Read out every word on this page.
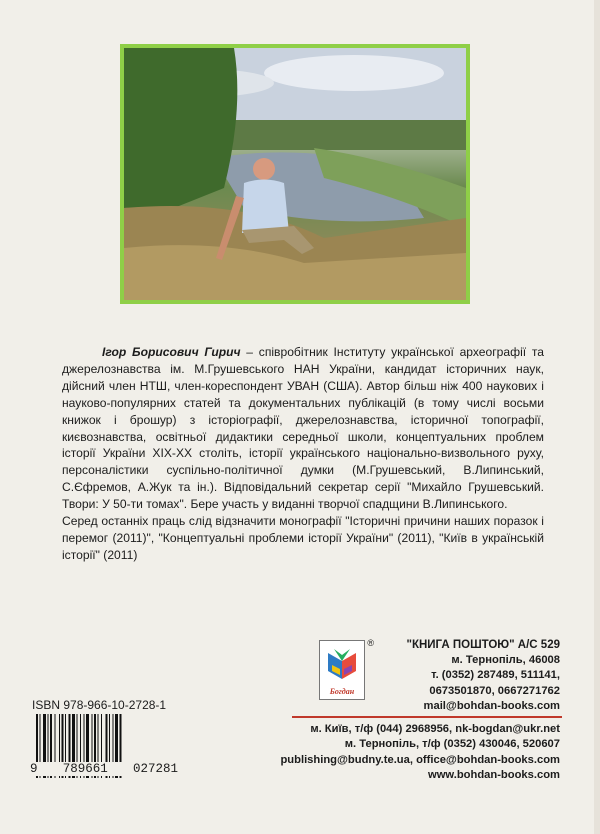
Ігор Борисович Гирич – співробітник Інституту української археографії та джерелознавства ім. М.Грушевського НАН України, кандидат історичних наук, дійсний член НТШ, член-кореспондент УВАН (США). Автор більш ніж 400 наукових і науково-популярних статей та документальних публікацій (в тому числі восьми книжок і брошур) з історіографії, джерелознавства, історичної топографії, києвознавства, освітньої дидактики середньої школи, концептуальних проблем історії України XIX-XX століть, історії українського національно-визвольного руху, персоналістики суспільно-політичної думки (М.Грушевський, В.Липинський, С.Єфремов, А.Жук та ін.). Відповідальний секретар серії "Михайло Грушевський. Твори: У 50-ти томах". Бере участь у виданні творчої спадщини В.Липинського.

Серед останніх праць слід відзначити монографії "Історичні причини наших поразок і перемог (2011)", "Концептуальні проблеми історії України" (2011), "Київ в українській історії" (2011)

®
Богдан
"КНИГА ПОШТОЮ" А/С 529
м. Тернопіль, 46008
т. (0352) 287489, 511141,
0673501870, 0667271762
mail@bohdan-books.com
м. Київ, т/ф (044) 2968956, nk-bogdan@ukr.net
м. Тернопіль, т/ф (0352) 430046, 520607
publishing@budny.te.ua, office@bohdan-books.com
www.bohdan-books.com
ISBN 978-966-10-2728-1
9 789661 027281
